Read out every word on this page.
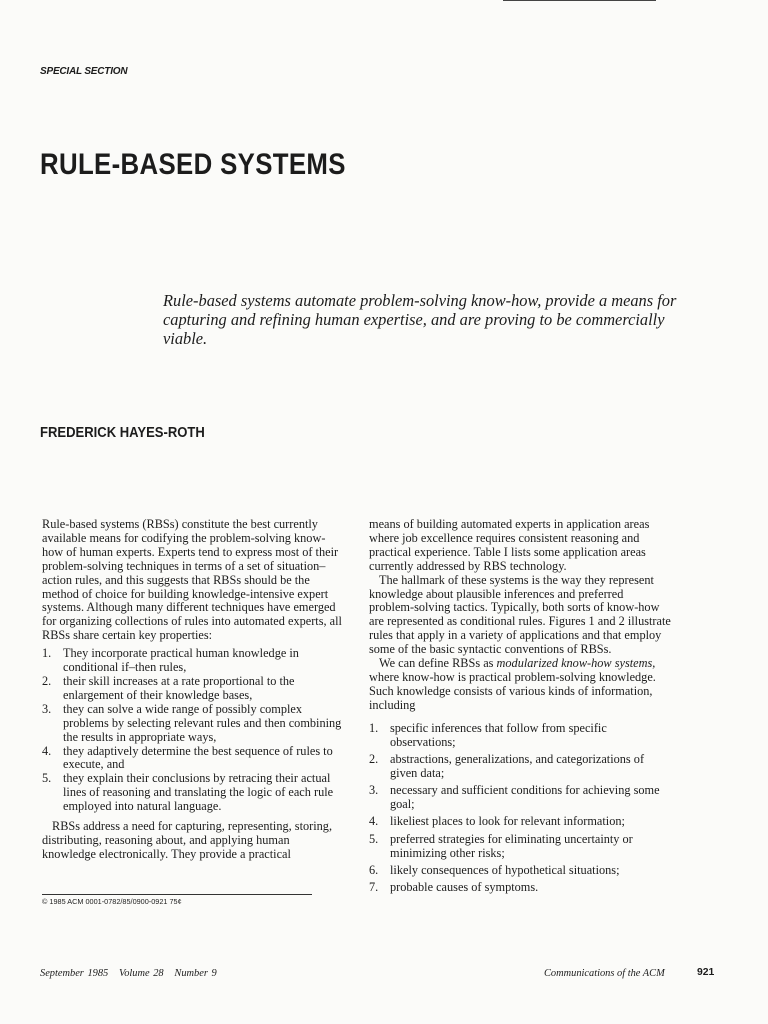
SPECIAL SECTION
RULE-BASED SYSTEMS

Rule-based systems automate problem-solving know-how, provide a means for capturing and refining human expertise, and are proving to be commercially viable.

FREDERICK HAYES-ROTH

Rule-based systems (RBSs) constitute the best currently available means for codifying the problem-solving know-how of human experts. Experts tend to express most of their problem-solving techniques in terms of a set of situation–action rules, and this suggests that RBSs should be the method of choice for building knowledge-intensive expert systems. Although many different techniques have emerged for organizing collections of rules into automated experts, all RBSs share certain key properties:

1. They incorporate practical human knowledge in conditional if–then rules,
2. their skill increases at a rate proportional to the enlargement of their knowledge bases,
3. they can solve a wide range of possibly complex problems by selecting relevant rules and then combining the results in appropriate ways,
4. they adaptively determine the best sequence of rules to execute, and
5. they explain their conclusions by retracing their actual lines of reasoning and translating the logic of each rule employed into natural language.

RBSs address a need for capturing, representing, storing, distributing, reasoning about, and applying human knowledge electronically. They provide a practical

means of building automated experts in application areas where job excellence requires consistent reasoning and practical experience. Table I lists some application areas currently addressed by RBS technology.

The hallmark of these systems is the way they represent knowledge about plausible inferences and preferred problem-solving tactics. Typically, both sorts of know-how are represented as conditional rules. Figures 1 and 2 illustrate rules that apply in a variety of applications and that employ some of the basic syntactic conventions of RBSs.

We can define RBSs as modularized know-how systems, where know-how is practical problem-solving knowledge. Such knowledge consists of various kinds of information, including

1. specific inferences that follow from specific observations;
2. abstractions, generalizations, and categorizations of given data;
3. necessary and sufficient conditions for achieving some goal;
4. likeliest places to look for relevant information;
5. preferred strategies for eliminating uncertainty or minimizing other risks;
6. likely consequences of hypothetical situations;
7. probable causes of symptoms.
© 1985 ACM 0001-0782/85/0900-0921 75¢
September 1985   Volume 28   Number 9	Communications of the ACM	921
